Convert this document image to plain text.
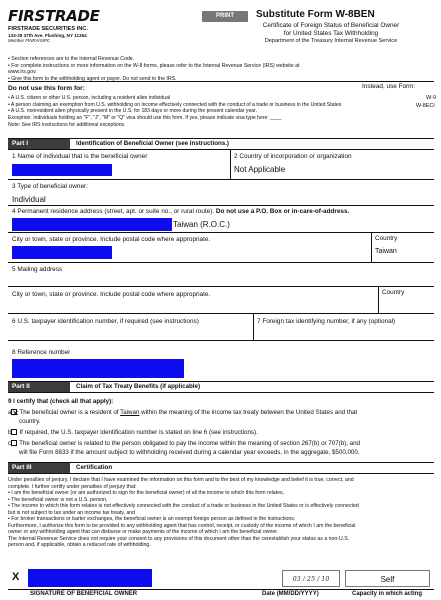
FIRSTRADE
FIRSTRADE SECURITIES INC.
133-25 37th Ave. Flushing, NY 11354
Member FINRA/SIPC
PRINT	Substitute Form W-8BEN
Certificate of Foreign Status of Beneficial Owner
for United States Tax Withholding
Department of the Treasury Internal Revenue Service
• Section references are to the Internal Revenue Code.
• For complete instructions or more information on the W-8 forms, please refer to the Internal Revenue Service (IRS) website at www.irs.gov.
• Give this form to the withholding agent or payer. Do not send to the IRS.
Do not use this form for:	Instead, use Form:
• A U.S. citizen or other U.S. person, including a resident alien individual
• A person claiming an exemption from U.S. withholding on income effectively connected with the conduct of a trade or business in the United States
• A U.S. nonresident alien physically present in the U.S. for 183 days or more during the present calendar year.
Exception: Individuals holding an "F", "J", "M" or "Q" visa should use this form. If yes, please indicate visa type here: ____
Note: See IRS instructions for additional exceptions.
W-9
W-8ECI
Part I	Identification of Beneficial Owner (see Instructions.)
1 Name of individual that is the beneficial owner	2 Country of incorporation or organization
Not Applicable
3 Type of beneficial owner:
Individual
4 Permanent residence address (street, apt. or suite no., or rural route). Do not use a P.O. Box or in-care-of-address.
Taiwan (R.O.C.)
City or town, state or province. Include postal code where appropriate.	Country
Taiwan
5 Mailing address
City or town, state or province. Include postal code where appropriate.	Country
6 U.S. taxpayer identification number, if required (see instructions)	7 Foreign tax identifying number, if any (optional)
8 Reference number
Part II	Claim of Tax Treaty Benefits (if applicable)
9 I certify that (check all that apply):
a The beneficial owner is a resident of Taiwan within the meaning of the income tax treaty between the United States and that
country.
b If required, the U.S. taxpayer identification number is stated on line 6 (see instructions).
c The beneficial owner is related to the person obligated to pay the income within the meaning of section 267(b) or 707(b), and
will file Form 8833 if the amount subject to withholding received during a calendar year exceeds, in the aggregate, $500,000.
Part III	Certification
Under penalties of perjury, I declare that I have examined the information on this form and to the best of my knowledge and belief it is true, correct, and
complete. I further certify under penalties of perjury that:
• I am the beneficial owner (or am authorized to sign for the beneficial owner) of all the income to which this form relates,
• The beneficial owner is not a U.S. person,
• The income to which this form relates is not effectively connected with the conduct of a trade or business in the United States or is effectively connected
but is not subject to tax under an income tax treaty, and
• For broker transactions or barter exchanges, the beneficial owner is an exempt foreign person as defined in the instructions.
Furthermore, I authorize this form to be provided to any withholding agent that has control, receipt, or custody of the income of which I am the beneficial
owner or any withholding agent that can disburse or make payments of the income of which I am the beneficial owner.
The Internal Revenue Service does not require your consent to any provisions of this document other than the cerestablish your status as a non-U.S.
person and, if applicable, obtain a reduced rate of withholding.
X	03 / 25 / 10	Self
SIGNATURE OF BENEFICIAL OWNER	Date (MM/DD/YYYY)	Capacity in which acting
